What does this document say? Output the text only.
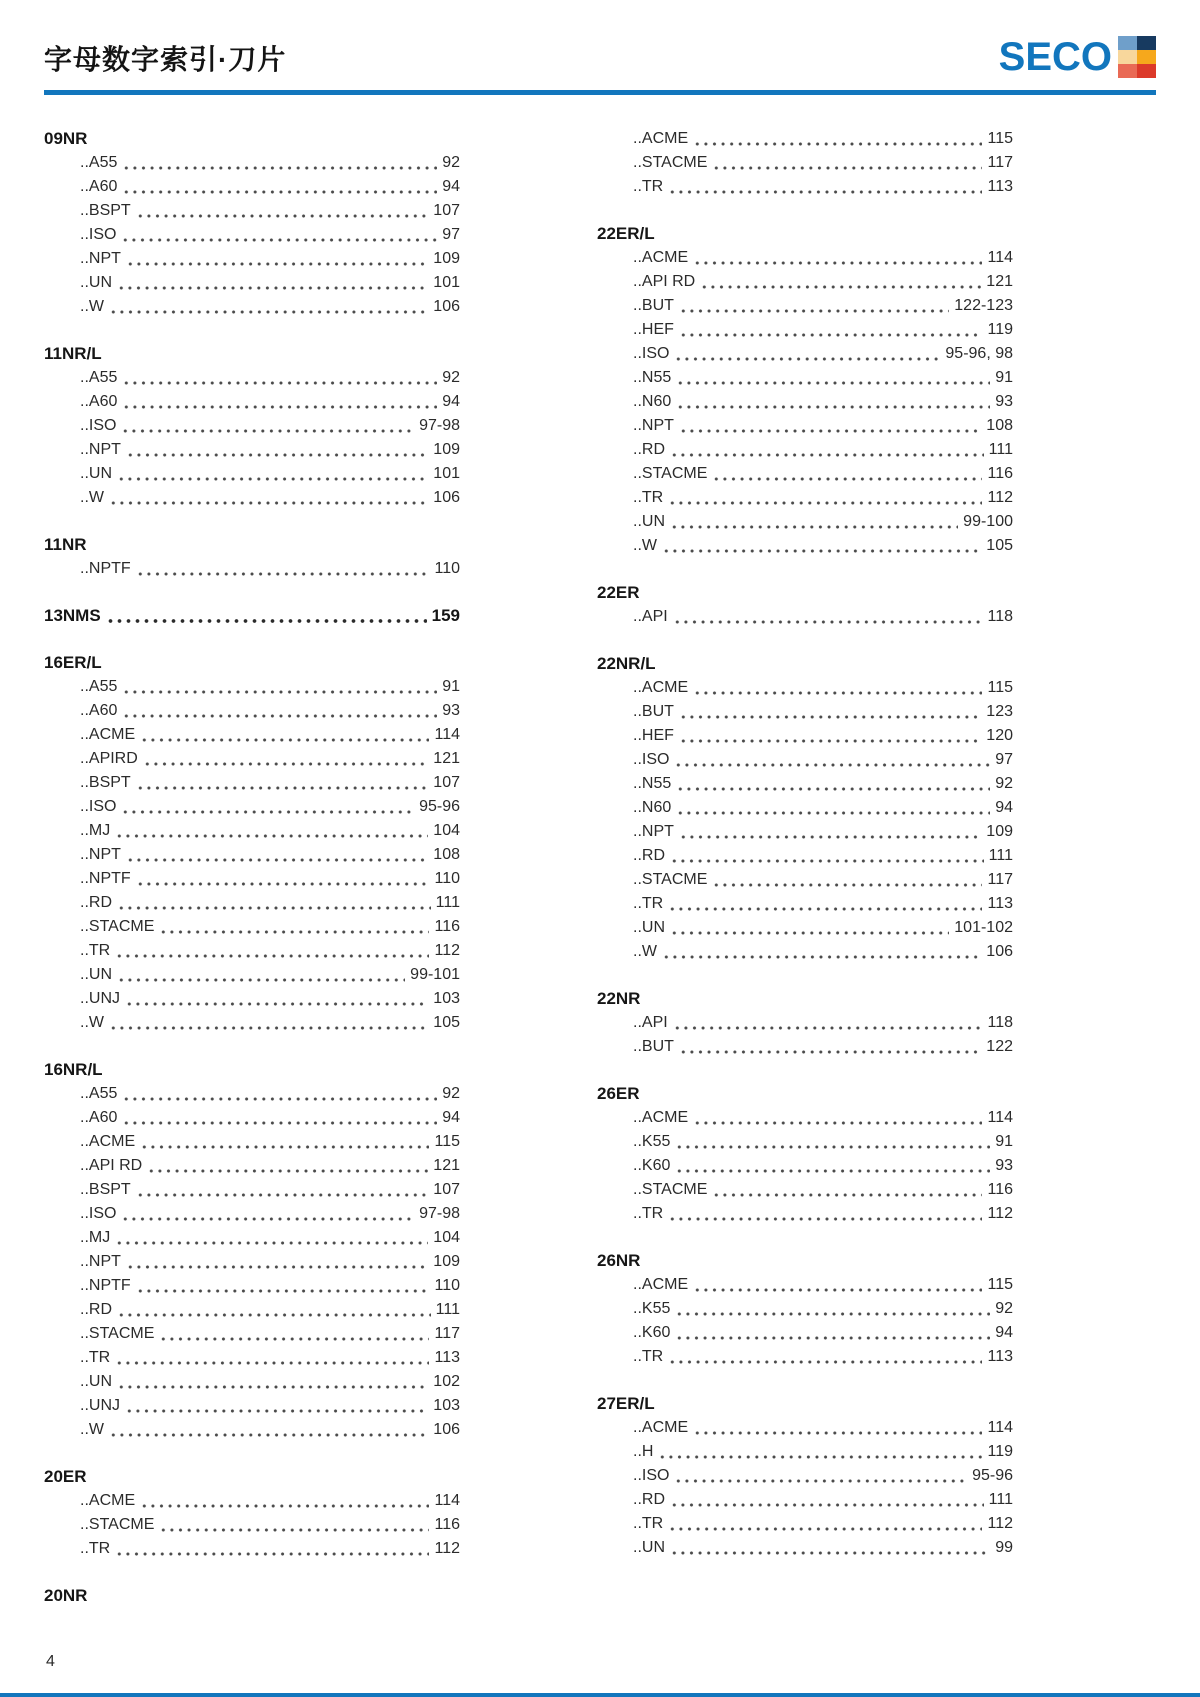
字母数字索引·刀片	SECO
09NR
..A55	92
..A60	94
..BSPT	107
..ISO	97
..NPT	109
..UN	101
..W	106
11NR/L
..A55	92
..A60	94
..ISO	97-98
..NPT	109
..UN	101
..W	106
11NR
..NPTF	110
13NMS	159
16ER/L
..A55	91
..A60	93
..ACME	114
..APIRD	121
..BSPT	107
..ISO	95-96
..MJ	104
..NPT	108
..NPTF	110
..RD	111
..STACME	116
..TR	112
..UN	99-101
..UNJ	103
..W	105
16NR/L
..A55	92
..A60	94
..ACME	115
..API RD	121
..BSPT	107
..ISO	97-98
..MJ	104
..NPT	109
..NPTF	110
..RD	111
..STACME	117
..TR	113
..UN	102
..UNJ	103
..W	106
20ER
..ACME	114
..STACME	116
..TR	112
20NR
..ACME	115
..STACME	117
..TR	113
22ER/L
..ACME	114
..API RD	121
..BUT	122-123
..HEF	119
..ISO	95-96, 98
..N55	91
..N60	93
..NPT	108
..RD	111
..STACME	116
..TR	112
..UN	99-100
..W	105
22ER
..API	118
22NR/L
..ACME	115
..BUT	123
..HEF	120
..ISO	97
..N55	92
..N60	94
..NPT	109
..RD	111
..STACME	117
..TR	113
..UN	101-102
..W	106
22NR
..API	118
..BUT	122
26ER
..ACME	114
..K55	91
..K60	93
..STACME	116
..TR	112
26NR
..ACME	115
..K55	92
..K60	94
..TR	113
27ER/L
..ACME	114
..H	119
..ISO	95-96
..RD	111
..TR	112
..UN	99
4
